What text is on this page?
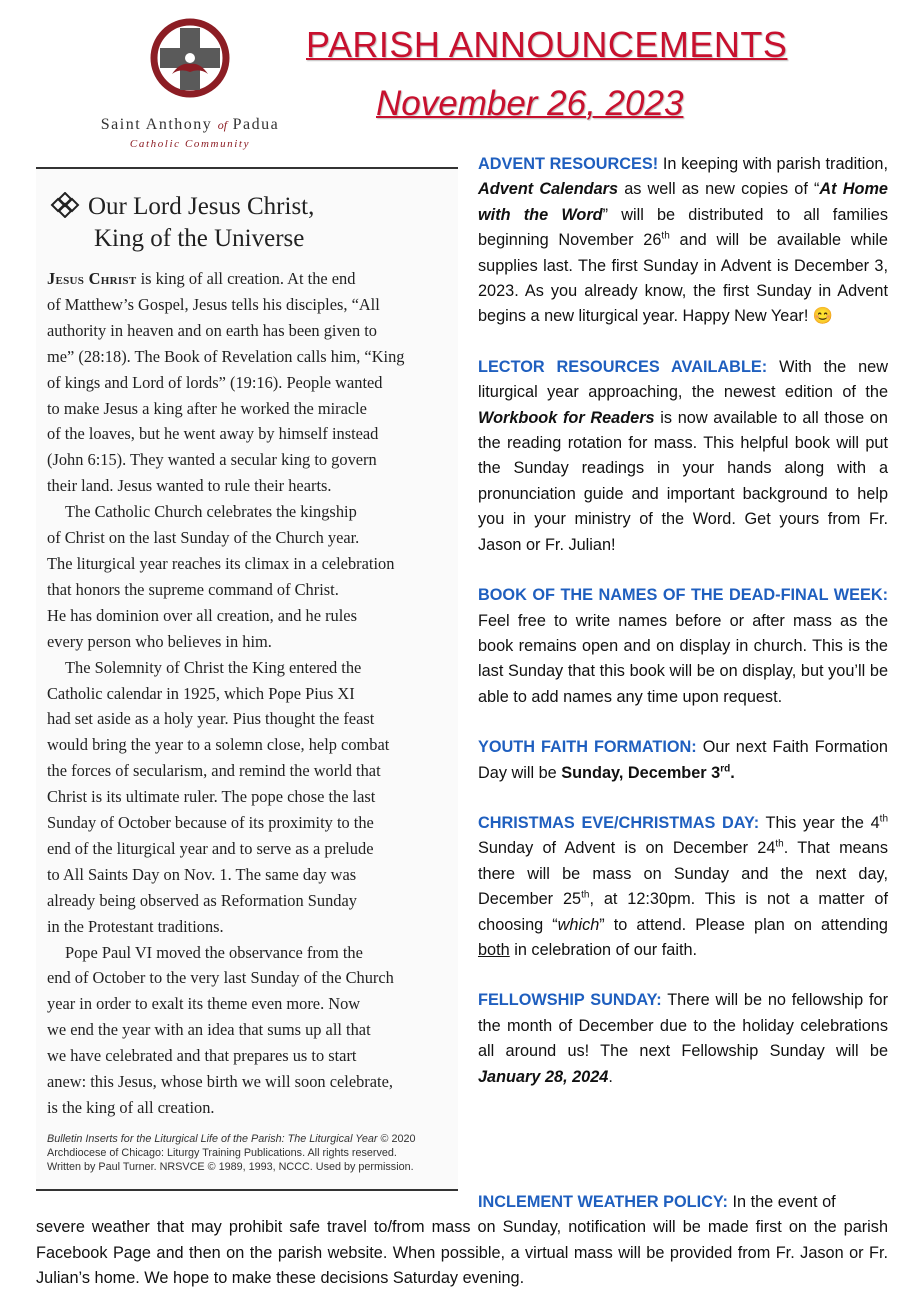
Saint Anthony of Padua
Catholic Community
PARISH ANNOUNCEMENTS
November 26, 2023
Our Lord Jesus Christ,
King of the Universe

Jesus Christ is king of all creation. At the end
of Matthew’s Gospel, Jesus tells his disciples, “All
authority in heaven and on earth has been given to
me” (28:18). The Book of Revelation calls him, “King
of kings and Lord of lords” (19:16). People wanted
to make Jesus a king after he worked the miracle
of the loaves, but he went away by himself instead
(John 6:15). They wanted a secular king to govern
their land. Jesus wanted to rule their hearts.

The Catholic Church celebrates the kingship
of Christ on the last Sunday of the Church year.
The liturgical year reaches its climax in a celebration
that honors the supreme command of Christ.
He has dominion over all creation, and he rules
every person who believes in him.

The Solemnity of Christ the King entered the
Catholic calendar in 1925, which Pope Pius XI
had set aside as a holy year. Pius thought the feast
would bring the year to a solemn close, help combat
the forces of secularism, and remind the world that
Christ is its ultimate ruler. The pope chose the last
Sunday of October because of its proximity to the
end of the liturgical year and to serve as a prelude
to All Saints Day on Nov. 1. The same day was
already being observed as Reformation Sunday
in the Protestant traditions.

Pope Paul VI moved the observance from the
end of October to the very last Sunday of the Church
year in order to exalt its theme even more. Now
we end the year with an idea that sums up all that
we have celebrated and that prepares us to start
anew: this Jesus, whose birth we will soon celebrate,
is the king of all creation.

Bulletin Inserts for the Liturgical Life of the Parish: The Liturgical Year © 2020
Archdiocese of Chicago: Liturgy Training Publications. All rights reserved.
Written by Paul Turner. NRSVCE © 1989, 1993, NCCC. Used by permission.

ADVENT RESOURCES! In keeping with parish tradition, Advent Calendars as well as new copies of “At Home with the Word” will be distributed to all families beginning November 26th and will be available while supplies last. The first Sunday in Advent is December 3, 2023. As you already know, the first Sunday in Advent begins a new liturgical year. Happy New Year! 😊

LECTOR RESOURCES AVAILABLE: With the new liturgical year approaching, the newest edition of the Workbook for Readers is now available to all those on the reading rotation for mass. This helpful book will put the Sunday readings in your hands along with a pronunciation guide and important background to help you in your ministry of the Word. Get yours from Fr. Jason or Fr. Julian!

BOOK OF THE NAMES OF THE DEAD-FINAL WEEK: Feel free to write names before or after mass as the book remains open and on display in church. This is the last Sunday that this book will be on display, but you’ll be able to add names any time upon request.

YOUTH FAITH FORMATION: Our next Faith Formation Day will be Sunday, December 3rd.

CHRISTMAS EVE/CHRISTMAS DAY: This year the 4th Sunday of Advent is on December 24th. That means there will be mass on Sunday and the next day, December 25th, at 12:30pm. This is not a matter of choosing “which” to attend. Please plan on attending both in celebration of our faith.

FELLOWSHIP SUNDAY: There will be no fellowship for the month of December due to the holiday celebrations all around us! The next Fellowship Sunday will be January 28, 2024.

INCLEMENT WEATHER POLICY: In the event of
severe weather that may prohibit safe travel to/from mass on Sunday, notification will be made first on the parish Facebook Page and then on the parish website. When possible, a virtual mass will be provided from Fr. Jason or Fr. Julian’s home. We hope to make these decisions Saturday evening.
